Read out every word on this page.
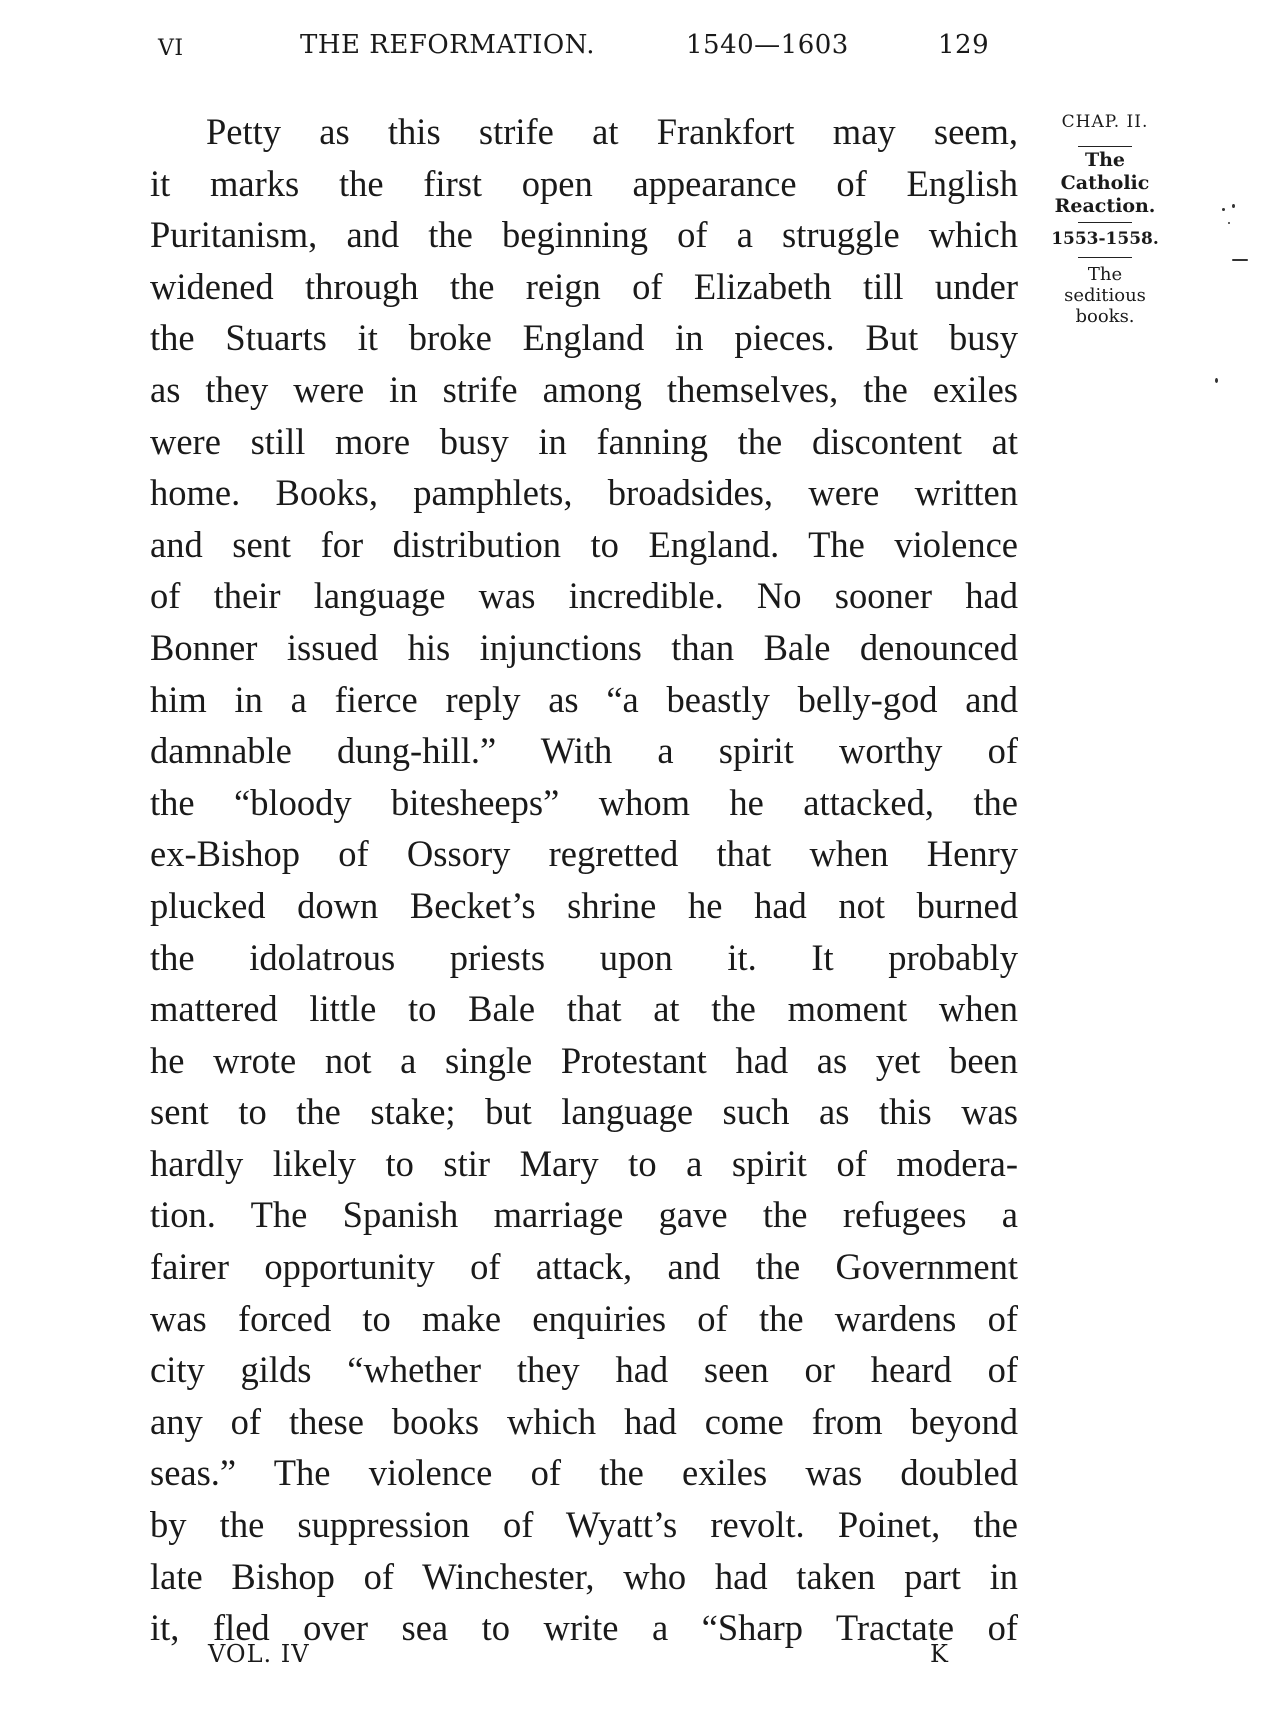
VI	THE REFORMATION.	1540—1603	129
Petty as this strife at Frankfort may seem,
it marks the first open appearance of English
Puritanism, and the beginning of a struggle which
widened through the reign of Elizabeth till under
the Stuarts it broke England in pieces. But busy
as they were in strife among themselves, the exiles
were still more busy in fanning the discontent at
home. Books, pamphlets, broadsides, were written
and sent for distribution to England. The violence
of their language was incredible. No sooner had
Bonner issued his injunctions than Bale denounced
him in a fierce reply as “a beastly belly-god and
damnable dung-hill.” With a spirit worthy of
the “bloody bitesheeps” whom he attacked, the
ex-Bishop of Ossory regretted that when Henry
plucked down Becket’s shrine he had not burned
the idolatrous priests upon it. It probably
mattered little to Bale that at the moment when
he wrote not a single Protestant had as yet been
sent to the stake; but language such as this was
hardly likely to stir Mary to a spirit of modera-
tion. The Spanish marriage gave the refugees a
fairer opportunity of attack, and the Government
was forced to make enquiries of the wardens of
city gilds “whether they had seen or heard of
any of these books which had come from beyond
seas.” The violence of the exiles was doubled
by the suppression of Wyatt’s revolt. Poinet, the
late Bishop of Winchester, who had taken part in
it, fled over sea to write a “Sharp Tractate of
CHAP. II.
The
Catholic
Reaction.
1553-1558.
The
seditious
books.
VOL. IV	K
